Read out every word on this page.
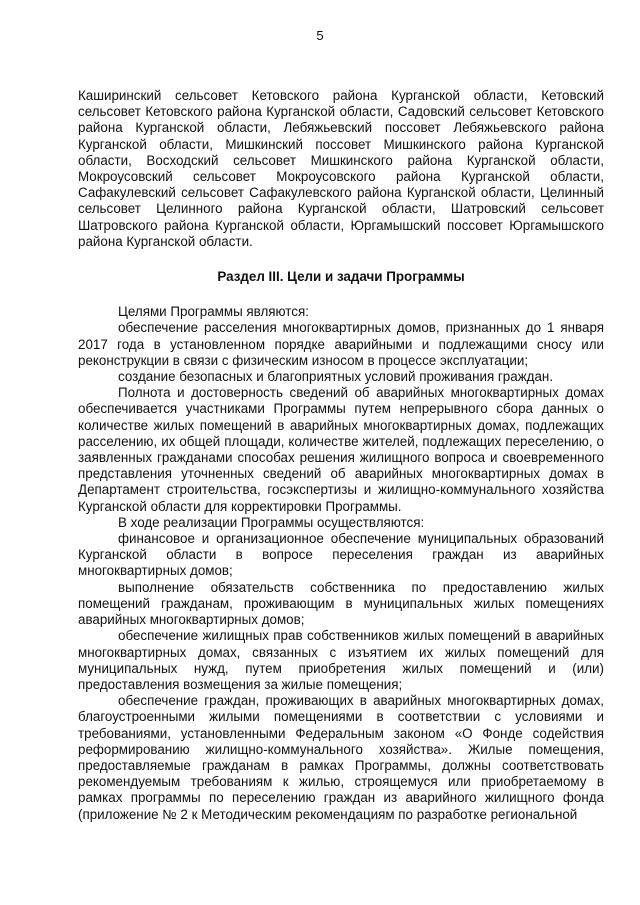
5

Каширинский сельсовет Кетовского района Курганской области, Кетовский сельсовет Кетовского района Курганской области, Садовский сельсовет Кетовского района Курганской области, Лебяжьевский поссовет Лебяжьевского района Курганской области, Мишкинский поссовет Мишкинского района Курганской области, Восходский сельсовет Мишкинского района Курганской области, Мокроусовский сельсовет Мокроусовского района Курганской области, Сафакулевский сельсовет Сафакулевского района Курганской области, Целинный сельсовет Целинного района Курганской области, Шатровский сельсовет Шатровского района Курганской области, Юргамышский поссовет Юргамышского района Курганской области.

Раздел III. Цели и задачи Программы

Целями Программы являются:

обеспечение расселения многоквартирных домов, признанных до 1 января 2017 года в установленном порядке аварийными и подлежащими сносу или реконструкции в связи с физическим износом в процессе эксплуатации;

создание безопасных и благоприятных условий проживания граждан.

Полнота и достоверность сведений об аварийных многоквартирных домах обеспечивается участниками Программы путем непрерывного сбора данных о количестве жилых помещений в аварийных многоквартирных домах, подлежащих расселению, их общей площади, количестве жителей, подлежащих переселению, о заявленных гражданами способах решения жилищного вопроса и своевременного представления уточненных сведений об аварийных многоквартирных домах в Департамент строительства, госэкспертизы и жилищно-коммунального хозяйства Курганской области для корректировки Программы.

В ходе реализации Программы осуществляются:

финансовое и организационное обеспечение муниципальных образований Курганской области в вопросе переселения граждан из аварийных многоквартирных домов;

выполнение обязательств собственника по предоставлению жилых помещений гражданам, проживающим в муниципальных жилых помещениях аварийных многоквартирных домов;

обеспечение жилищных прав собственников жилых помещений в аварийных многоквартирных домах, связанных с изъятием их жилых помещений для муниципальных нужд, путем приобретения жилых помещений и (или) предоставления возмещения за жилые помещения;

обеспечение граждан, проживающих в аварийных многоквартирных домах, благоустроенными жилыми помещениями в соответствии с условиями и требованиями, установленными Федеральным законом «О Фонде содействия реформированию жилищно-коммунального хозяйства». Жилые помещения, предоставляемые гражданам в рамках Программы, должны соответствовать рекомендуемым требованиям к жилью, строящемуся или приобретаемому в рамках программы по переселению граждан из аварийного жилищного фонда (приложение № 2 к Методическим рекомендациям по разработке региональной
